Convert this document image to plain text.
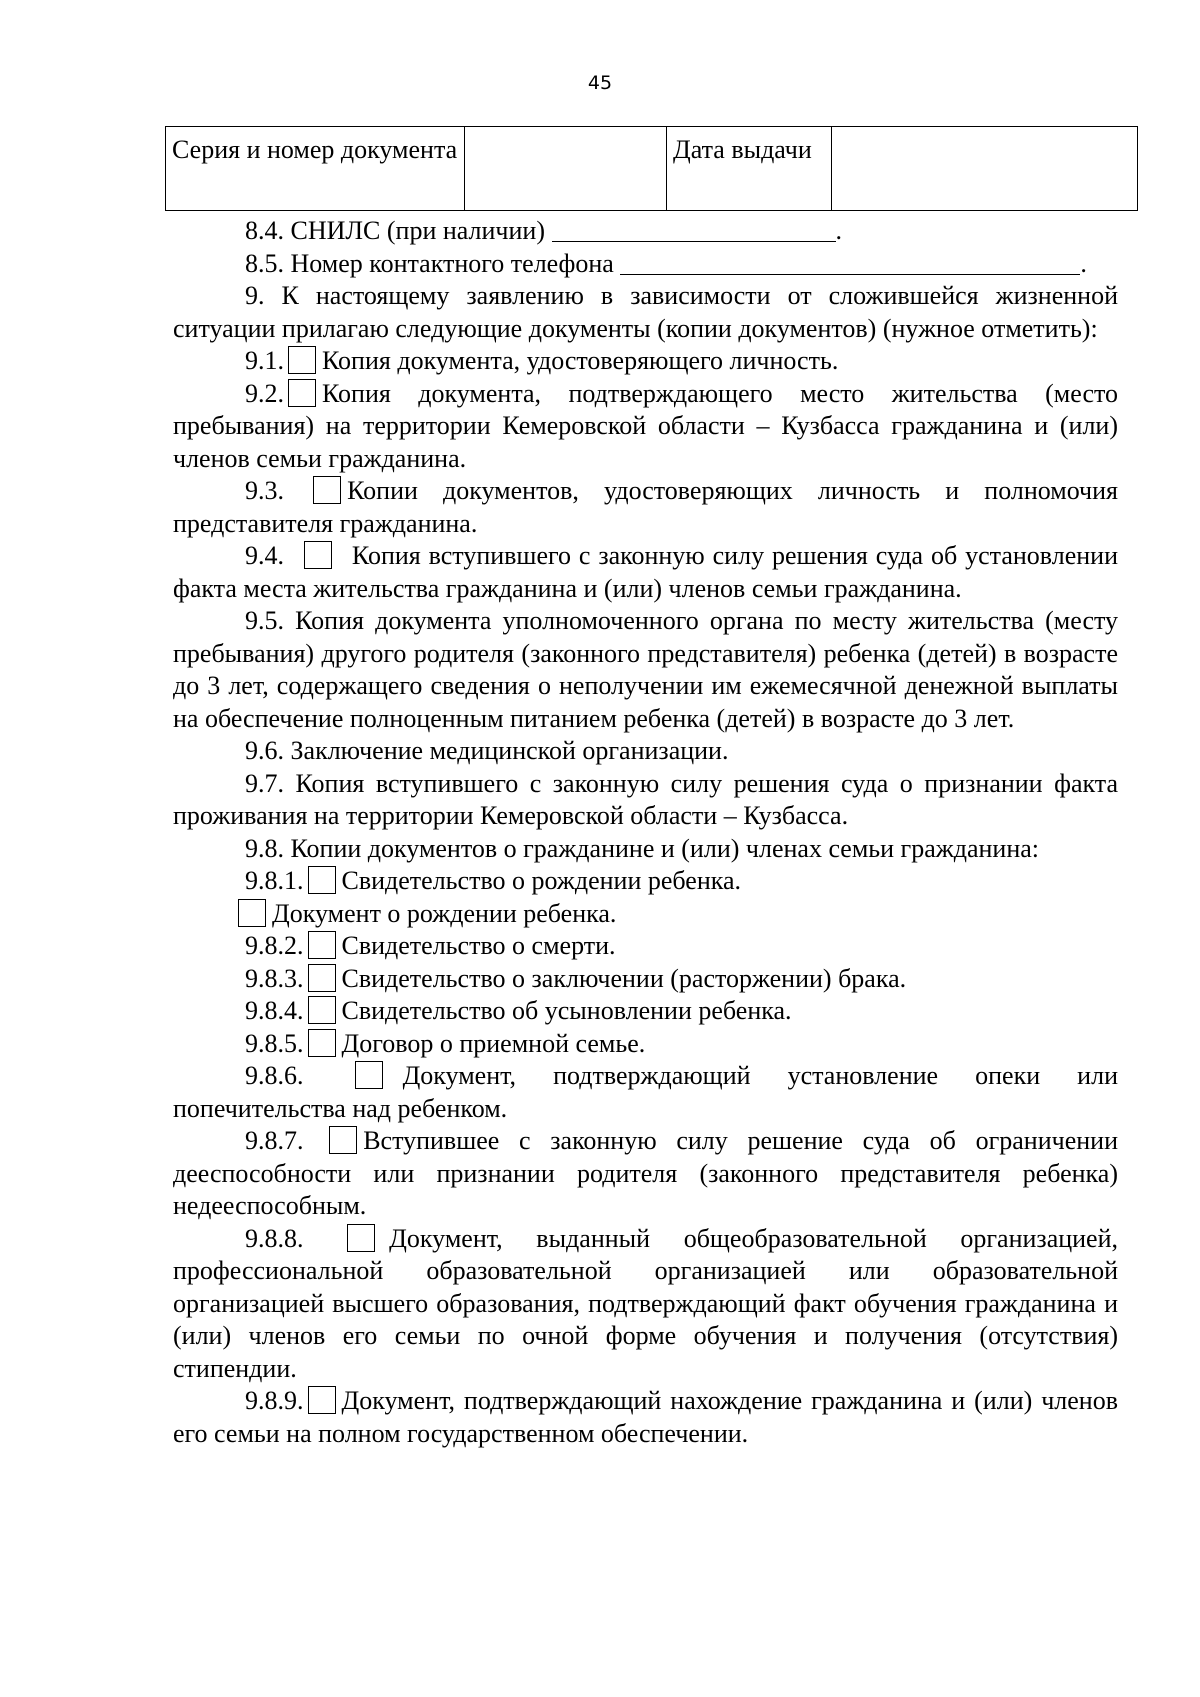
45
Серия и номер документа		Дата выдачи	

8.4. СНИЛС (при наличии)	.

8.5. Номер контактного телефона	.

9. К настоящему заявлению в зависимости от сложившейся жизненной ситуации прилагаю следующие документы (копии документов) (нужное отметить):

9.1. Копия документа, удостоверяющего личность.

9.2. Копия документа, подтверждающего место жительства (место пребывания) на территории Кемеровской области – Кузбасса гражданина и (или) членов семьи гражданина.

9.3. Копии документов, удостоверяющих личность и полномочия представителя гражданина.

9.4.	Копия вступившего с законную силу решения суда об установлении факта места жительства гражданина и (или) членов семьи гражданина.

9.5. Копия документа уполномоченного органа по месту жительства (месту пребывания) другого родителя (законного представителя) ребенка (детей) в возрасте до 3 лет, содержащего сведения о неполучении им ежемесячной денежной выплаты на обеспечение полноценным питанием ребенка (детей) в возрасте до 3 лет.

9.6. Заключение медицинской организации.

9.7. Копия вступившего с законную силу решения суда о признании факта проживания на территории Кемеровской области – Кузбасса.

9.8. Копии документов о гражданине и (или) членах семьи гражданина:

9.8.1. Свидетельство о рождении ребенка.

Документ о рождении ребенка.

9.8.2. Свидетельство о смерти.

9.8.3. Свидетельство о заключении (расторжении) брака.

9.8.4. Свидетельство об усыновлении ребенка.

9.8.5. Договор о приемной семье.

9.8.6.	Документ, подтверждающий установление опеки или попечительства над ребенком.

9.8.7. Вступившее с законную силу решение суда об ограничении дееспособности или признании родителя (законного представителя ребенка) недееспособным.

9.8.8.	Документ, выданный общеобразовательной организацией, профессиональной образовательной организацией или образовательной организацией высшего образования, подтверждающий факт обучения гражданина и (или) членов его семьи по очной форме обучения и получения (отсутствия) стипендии.

9.8.9. Документ, подтверждающий нахождение гражданина и (или) членов его семьи на полном государственном обеспечении.
